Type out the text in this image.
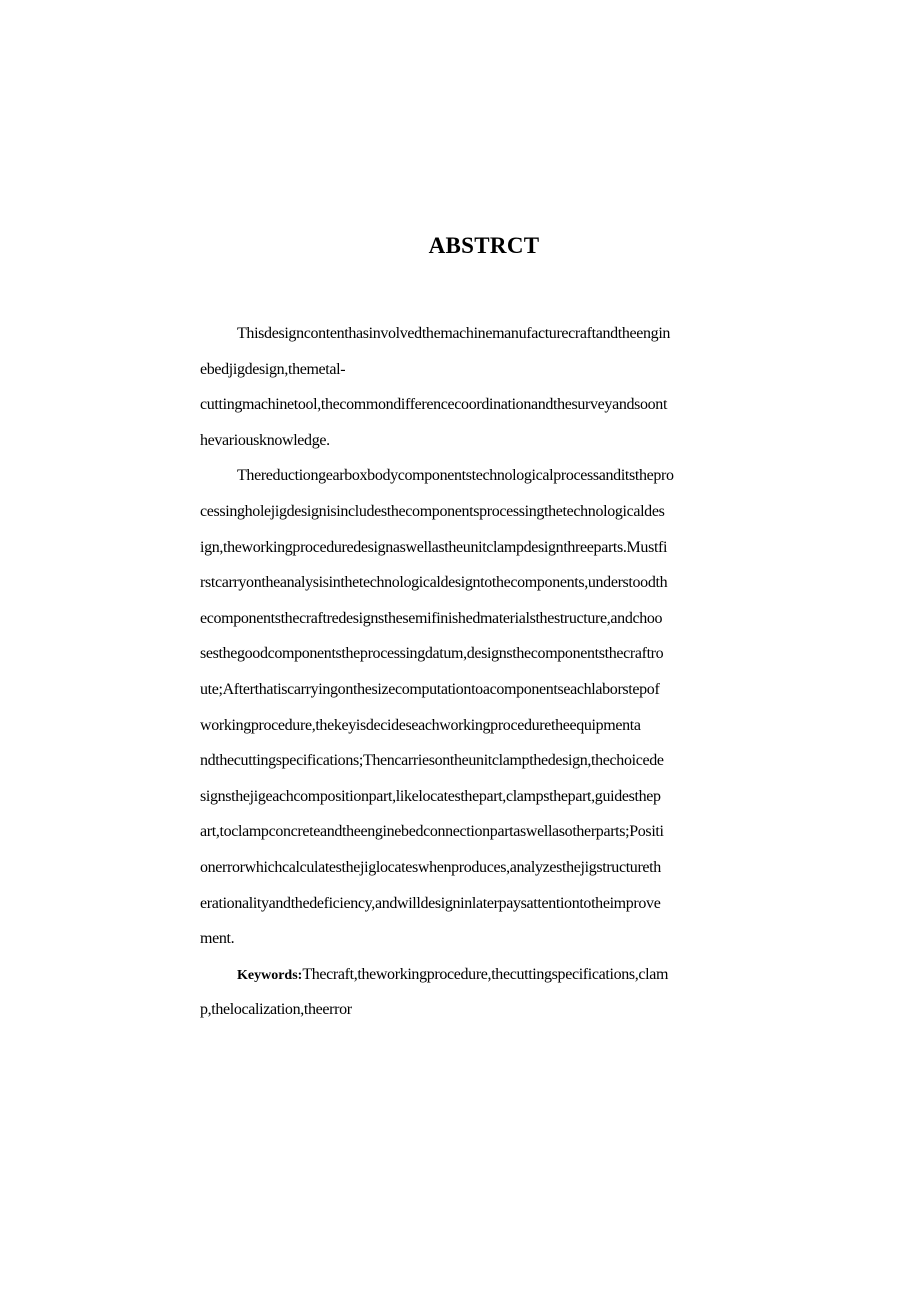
ABSTRCT
Thisdesigncontenthasinvolvedthemachinemanufacturecraftandtheengin
ebedjigdesign,themetal-
cuttingmachinetool,thecommondifferencecoordinationandthesurveyandsoont
hevariousknowledge.
Thereductiongearboxbodycomponentstechnologicalprocessanditsthepro
cessingholejigdesignisincludesthecomponentsprocessingthetechnologicaldes
ign,theworkingproceduredesignaswellastheunitclampdesignthreeparts.Mustfi
rstcarryontheanalysisinthetechnologicaldesigntothecomponents,understoodth
ecomponentsthecraftredesignsthesemifinishedmaterialsthestructure,andchoo
sesthegoodcomponentstheprocessingdatum,designsthecomponentsthecraftro
ute;Afterthatiscarryingonthesizecomputationtoacomponentseachlaborstepof
workingprocedure,thekeyisdecideseachworkingproceduretheequipmenta
ndthecuttingspecifications;Thencarriesontheunitclampthedesign,thechoicede
signsthejigeachcompositionpart,likelocatesthepart,clampsthepart,guidesthep
art,toclampconcreteandtheenginebedconnectionpartaswellasotherparts;Positi
onerrorwhichcalculatesthejiglocateswhenproduces,analyzesthejigstructureth
erationalityandthedeficiency,andwilldesigninlaterpaysattentiontotheimprove
ment.
Keywords:Thecraft,theworkingprocedure,thecuttingspecifications,clam
p,thelocalization,theerror
